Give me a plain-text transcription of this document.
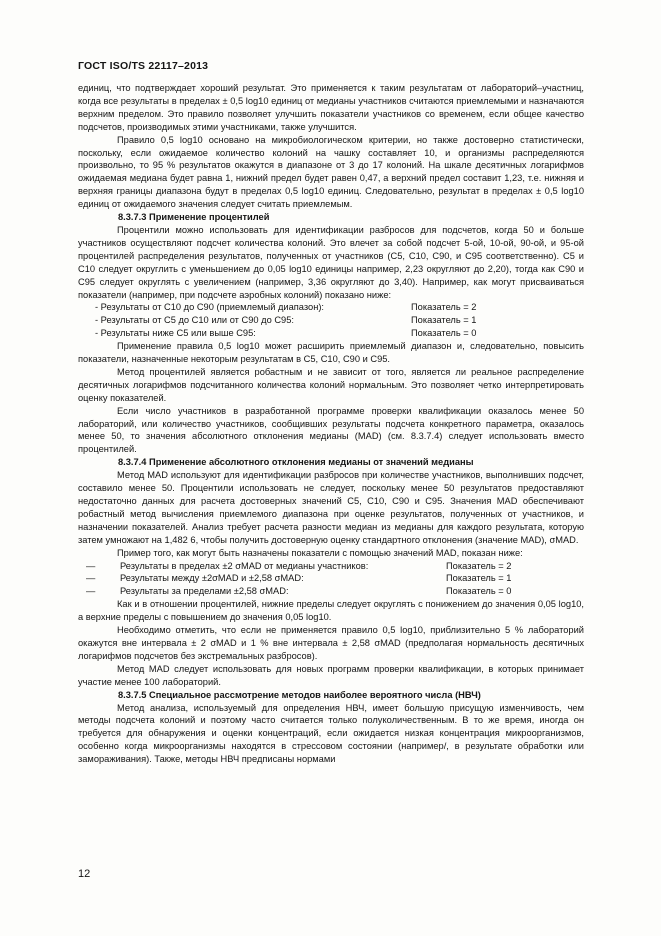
ГОСТ ISO/TS 22117–2013

единиц, что подтверждает хороший результат. Это применяется к таким результатам от лабораторий–участниц, когда все результаты в пределах ± 0,5 log10 единиц от медианы участников считаются приемлемыми и назначаются верхним пределом. Это правило позволяет улучшить показатели участников со временем, если общее качество подсчетов, производимых этими участниками, также улучшится.

Правило 0,5 log10 основано на микробиологическом критерии, но также достоверно статистически, поскольку, если ожидаемое количество колоний на чашку составляет 10, и организмы распределяются произвольно, то 95 % результатов окажутся в диапазоне от 3 до 17 колоний. На шкале десятичных логарифмов ожидаемая медиана будет равна 1, нижний предел будет равен 0,47, а верхний предел составит 1,23, т.е. нижняя и верхняя границы диапазона будут в пределах 0,5 log10 единиц. Следовательно, результат в пределах ± 0,5 log10 единиц от ожидаемого значения следует считать приемлемым.

8.3.7.3 Применение процентилей

Процентили можно использовать для идентификации разбросов для подсчетов, когда 50 и больше участников осуществляют подсчет количества колоний. Это влечет за собой подсчет 5-ой, 10-ой, 90-ой, и 95-ой процентилей распределения результатов, полученных от участников (C5, C10, C90, и C95 соответственно). C5 и C10 следует округлить с уменьшением до 0,05 log10 единицы например, 2,23 округляют до 2,20), тогда как C90 и C95 следует округлять с увеличением (например, 3,36 округляют до 3,40). Например, как могут присваиваться показатели (например, при подсчете аэробных колоний) показано ниже:

- Результаты от C10 до C90 (приемлемый диапазон):	Показатель = 2
- Результаты от C5 до C10 или от C90 до C95:	Показатель = 1
- Результаты ниже C5 или выше C95:	Показатель = 0

Применение правила 0,5 log10 может расширить приемлемый диапазон и, следовательно, повысить показатели, назначенные некоторым результатам в C5, C10, C90 и C95.

Метод процентилей является робастным и не зависит от того, является ли реальное распределение десятичных логарифмов подсчитанного количества колоний нормальным. Это позволяет четко интерпретировать оценку показателей.

Если число участников в разработанной программе проверки квалификации оказалось менее 50 лабораторий, или количество участников, сообщивших результаты подсчета конкретного параметра, оказалось менее 50, то значения абсолютного отклонения медианы (MAD) (см. 8.3.7.4) следует использовать вместо процентилей.

8.3.7.4 Применение абсолютного отклонения медианы от значений медианы

Метод MAD используют для идентификации разбросов при количестве участников, выполнивших подсчет, составило менее 50. Процентили использовать не следует, поскольку менее 50 результатов предоставляют недостаточно данных для расчета достоверных значений C5, C10, C90 и C95. Значения MAD обеспечивают робастный метод вычисления приемлемого диапазона при оценке результатов, полученных от участников, и назначении показателей. Анализ требует расчета разности медиан из медианы для каждого результата, которую затем умножают на 1,482 6, чтобы получить достоверную оценку стандартного отклонения (значение MAD), σMAD.

Пример того, как могут быть назначены показатели с помощью значений MAD, показан ниже:

—	Результаты в пределах ±2 σMAD от медианы участников:	Показатель = 2
—	Результаты между ±2σMAD и ±2,58 σMAD:	Показатель = 1
—	Результаты за пределами ±2,58 σMAD:	Показатель = 0

Как и в отношении процентилей, нижние пределы следует округлять с понижением до значения 0,05 log10, а верхние пределы с повышением до значения 0,05 log10.

Необходимо отметить, что если не применяется правило 0,5 log10, приблизительно 5 % лабораторий окажутся вне интервала ± 2 σMAD и 1 % вне интервала ± 2,58 σMAD (предполагая нормальность десятичных логарифмов подсчетов без экстремальных разбросов).

Метод MAD следует использовать для новых программ проверки квалификации, в которых принимает участие менее 100 лабораторий.

8.3.7.5 Специальное рассмотрение методов наиболее вероятного числа (НВЧ)

Метод анализа, используемый для определения НВЧ, имеет большую присущую изменчивость, чем методы подсчета колоний и поэтому часто считается только полуколичественным. В то же время, иногда он требуется для обнаружения и оценки концентраций, если ожидается низкая концентрация микроорганизмов, особенно когда микроорганизмы находятся в стрессовом состоянии (например/, в результате обработки или замораживания). Также, методы НВЧ предписаны нормами

12
